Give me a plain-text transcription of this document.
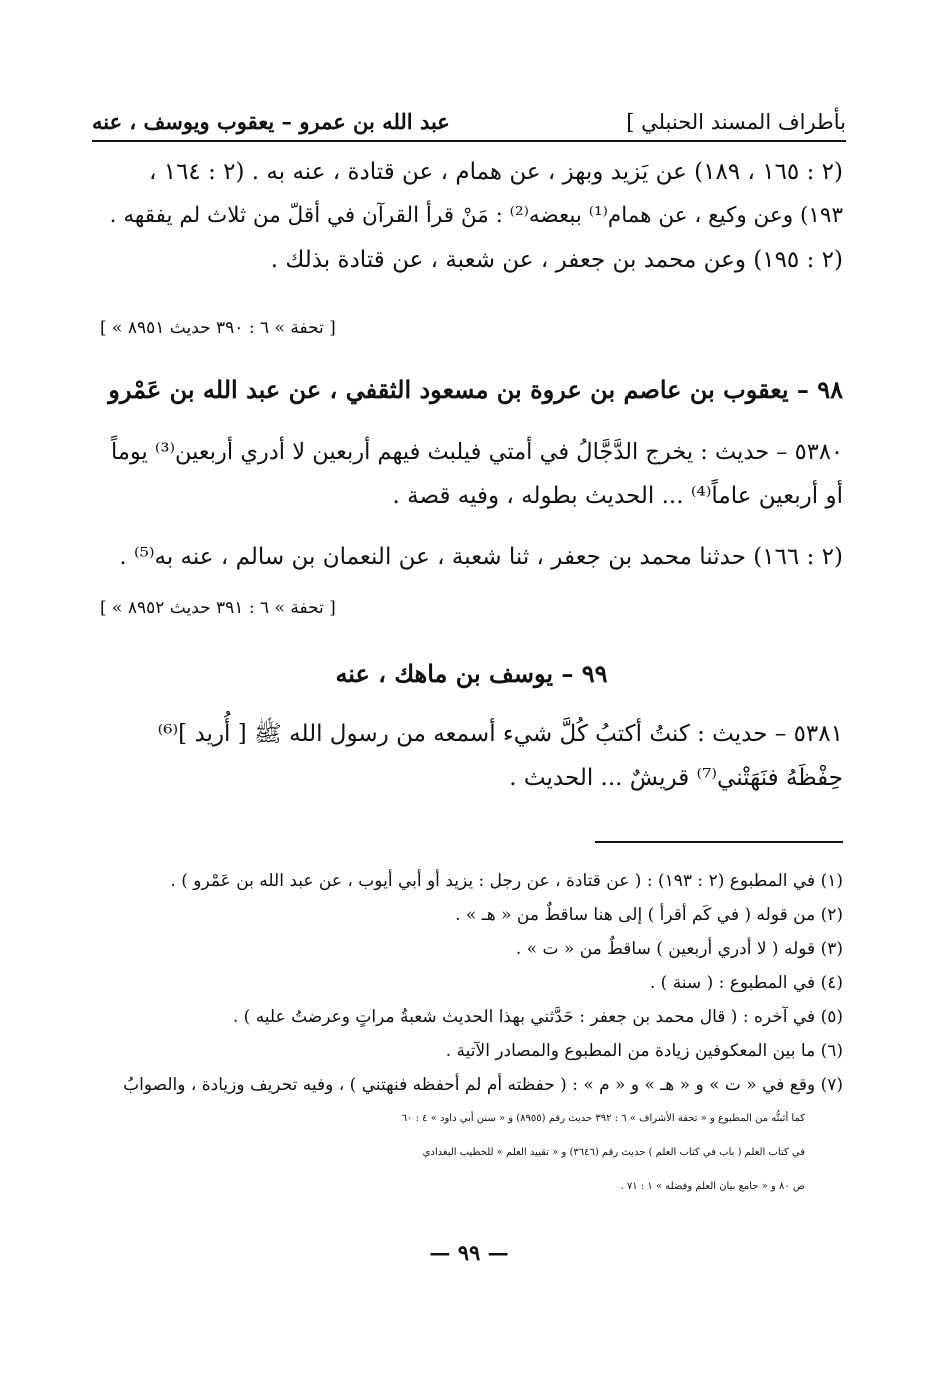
بأطراف المسند الحنبلي ]
عبد الله بن عمرو – يعقوب ويوسف ، عنه
(٢ : ١٦٥ ، ١٨٩) عن يَزيد وبهز ، عن همام ، عن قتادة ، عنه به . (٢ : ١٦٤ ،
١٩٣) وعن وكيع ، عن همام⁽¹⁾ ببعضه⁽²⁾ : مَنْ قرأ القرآن في أقلّ من ثلاث لم يفقهه .
(٢ : ١٩٥) وعن محمد بن جعفر ، عن شعبة ، عن قتادة بذلك .
[ « تحفة » ٦ : ٣٩٠ حديث ٨٩٥١ ]
٩٨ – يعقوب بن عاصم بن عروة بن مسعود الثقفي ، عن عبد الله بن عَمْرو
٥٣٨٠ – حديث : يخرج الدَّجَّالُ في أمتي فيلبث فيهم أربعين لا أدري أربعين⁽³⁾ يوماً
أو أربعين عاماً⁽⁴⁾ ... الحديث بطوله ، وفيه قصة .
(٢ : ١٦٦) حدثنا محمد بن جعفر ، ثنا شعبة ، عن النعمان بن سالم ، عنه به⁽⁵⁾ .
[ « تحفة » ٦ : ٣٩١ حديث ٨٩٥٢ ]
٩٩ – يوسف بن ماهك ، عنه
٥٣٨١ – حديث : كنتُ أكتبُ كُلَّ شيء أسمعه من رسول الله ﷺ [ أُريد ]⁽⁶⁾
حِفْظَهُ فنَهَتْني⁽⁷⁾ قريشٌ ... الحديث .
(١) في المطبوع (٢ : ١٩٣) : ( عن قتادة ، عن رجل : يزيد أو أبي أيوب ، عن عبد الله بن عَمْرو ) .
(٢) من قوله ( في كَم أقرأ ) إلى هنا ساقطٌ من « هـ » .
(٣) قوله ( لا أدري أربعين ) ساقطٌ من « ت » .
(٤) في المطبوع : ( سنة ) .
(٥) في آخره : ( قال محمد بن جعفر : حَدَّثني بهذا الحديث شعبةُ مراتٍ وعرضتُ عليه ) .
(٦) ما بين المعكوفين زيادة من المطبوع والمصادر الآتية .
(٧) وقع في « ت » و « هـ » و « م » : ( حفظته أم لم أحفظه فنهتني ) ، وفيه تحريف وزيادة ، والصوابُ
كما أثبتُّه من المطبوع و « تحفة الأشراف » ٦ : ٣٩٢ حديث رقم (٨٩٥٥) و « سنن أبي داود » ٤ : ٦٠
في كتاب العلم ( باب في كتاب العلم ) حديث رقم (٣٦٤٦) و « تقييد العلم » للخطيب البغدادي
ص ٨٠ و « جامع بيان العلم وفضله » ١ : ٧١ .
— ٩٩ —
